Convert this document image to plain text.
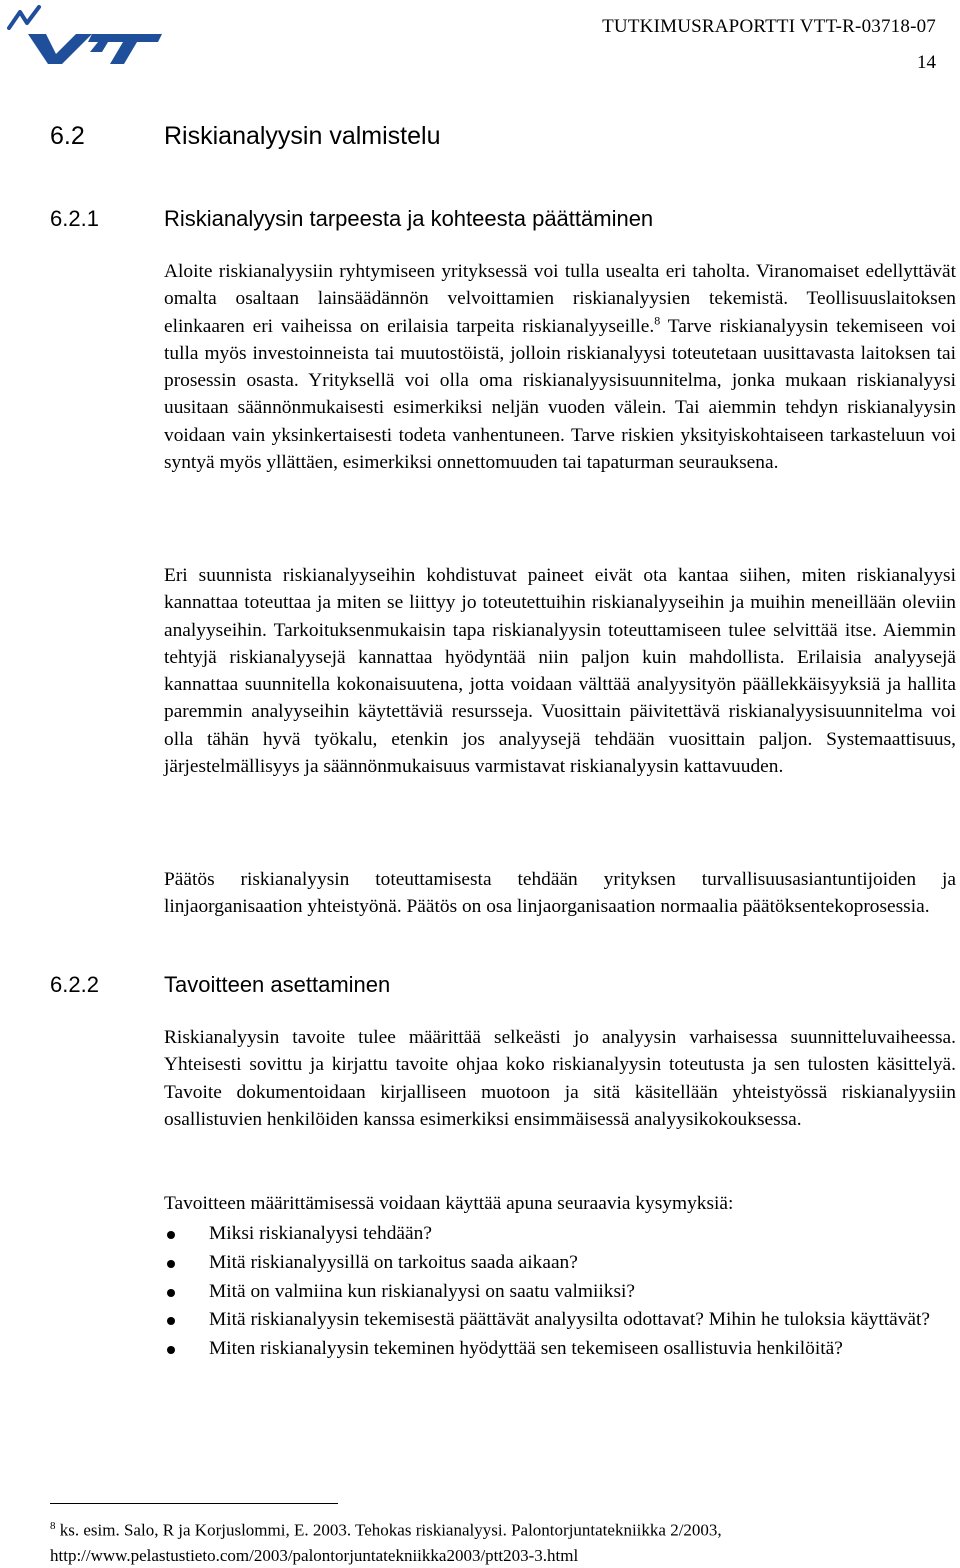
VTT
TUTKIMUSRAPORTTI VTT-R-03718-07
14
6.2	Riskianalyysin valmistelu
6.2.1	Riskianalyysin tarpeesta ja kohteesta päättäminen

Aloite riskianalyysiin ryhtymiseen yrityksessä voi tulla usealta eri taholta. Viranomaiset edellyttävät omalta osaltaan lainsäädännön velvoittamien riskianalyysien tekemistä. Teollisuuslaitoksen elinkaaren eri vaiheissa on erilaisia tarpeita riskianalyyseille.$^8$ Tarve riskianalyysin tekemiseen voi tulla myös investoinneista tai muutostöistä, jolloin riskianalyysi toteutetaan uusittavasta laitoksen tai prosessin osasta. Yrityksellä voi olla oma riskianalyysisuunnitelma, jonka mukaan riskianalyysi uusitaan säännönmukaisesti esimerkiksi neljän vuoden välein. Tai aiemmin tehdyn riskianalyysin voidaan vain yksinkertaisesti todeta vanhentuneen. Tarve riskien yksityiskohtaiseen tarkasteluun voi syntyä myös yllättäen, esimerkiksi onnettomuuden tai tapaturman seurauksena.

Eri suunnista riskianalyyseihin kohdistuvat paineet eivät ota kantaa siihen, miten riskianalyysi kannattaa toteuttaa ja miten se liittyy jo toteutettuihin riskianalyyseihin ja muihin meneillään oleviin analyyseihin. Tarkoituksenmukaisin tapa riskianalyysin toteuttamiseen tulee selvittää itse. Aiemmin tehtyjä riskianalyysejä kannattaa hyödyntää niin paljon kuin mahdollista. Erilaisia analyysejä kannattaa suunnitella kokonaisuutena, jotta voidaan välttää analyysityön päällekkäisyyksiä ja hallita paremmin analyyseihin käytettäviä resursseja. Vuosittain päivitettävä riskianalyysisuunnitelma voi olla tähän hyvä työkalu, etenkin jos analyysejä tehdään vuosittain paljon. Systemaattisuus, järjestelmällisyys ja säännönmukaisuus varmistavat riskianalyysin kattavuuden.

Päätös riskianalyysin toteuttamisesta tehdään yrityksen turvallisuusasiantuntijoiden ja linjaorganisaation yhteistyönä. Päätös on osa linjaorganisaation normaalia päätöksentekoprosessia.

6.2.2	Tavoitteen asettaminen

Riskianalyysin tavoite tulee määrittää selkeästi jo analyysin varhaisessa suunnitteluvaiheessa. Yhteisesti sovittu ja kirjattu tavoite ohjaa koko riskianalyysin toteutusta ja sen tulosten käsittelyä. Tavoite dokumentoidaan kirjalliseen muotoon ja sitä käsitellään yhteistyössä riskianalyysiin osallistuvien henkilöiden kanssa esimerkiksi ensimmäisessä analyysikokouksessa.

Tavoitteen määrittämisessä voidaan käyttää apuna seuraavia kysymyksiä:

Miksi riskianalyysi tehdään?
Mitä riskianalyysillä on tarkoitus saada aikaan?
Mitä on valmiina kun riskianalyysi on saatu valmiiksi?
Mitä riskianalyysin tekemisestä päättävät analyysilta odottavat? Mihin he tuloksia käyttävät?
Miten riskianalyysin tekeminen hyödyttää sen tekemiseen osallistuvia henkilöitä?
$^8$ ks. esim. Salo, R ja Korjuslommi, E. 2003. Tehokas riskianalyysi. Palontorjuntatekniikka 2/2003,
http://www.pelastustieto.com/2003/palontorjuntatekniikka2003/ptt203-3.html
